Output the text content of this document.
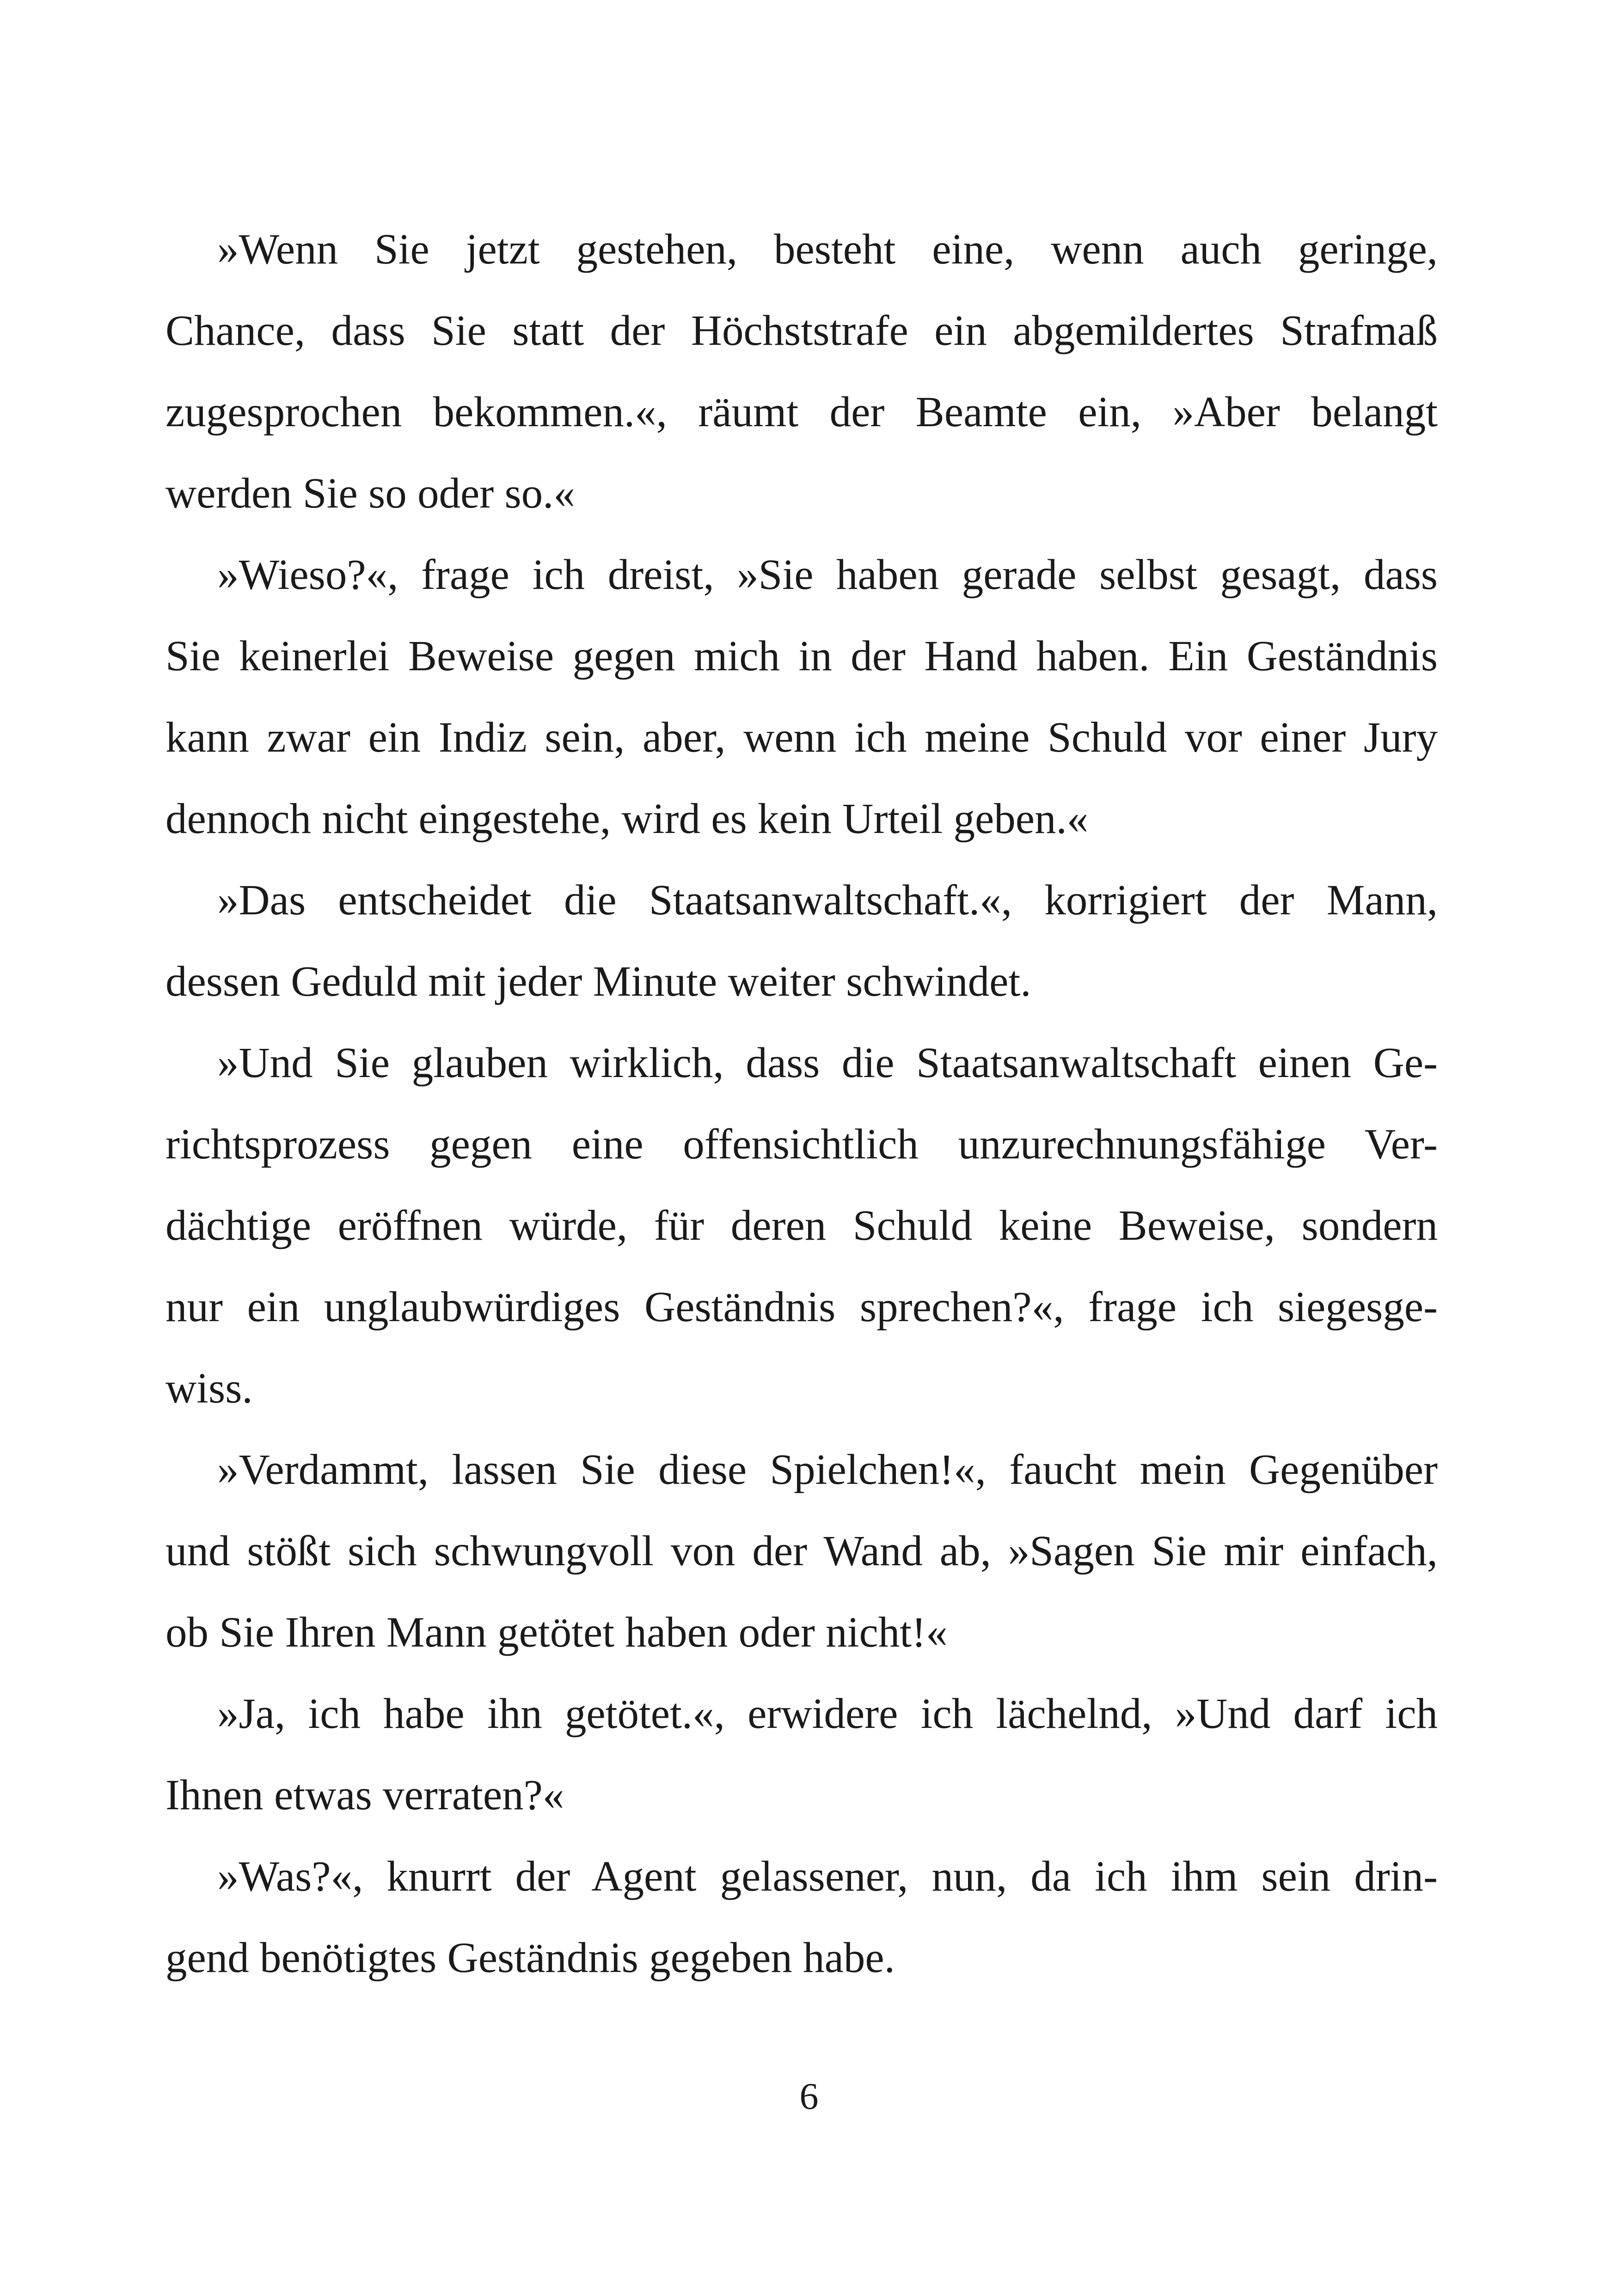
»Wenn Sie jetzt gestehen, besteht eine, wenn auch geringe,
Chance, dass Sie statt der Höchststrafe ein abgemildertes Strafmaß
zugesprochen bekommen.«, räumt der Beamte ein, »Aber belangt
werden Sie so oder so.«
»Wieso?«, frage ich dreist, »Sie haben gerade selbst gesagt, dass
Sie keinerlei Beweise gegen mich in der Hand haben. Ein Geständnis
kann zwar ein Indiz sein, aber, wenn ich meine Schuld vor einer Jury
dennoch nicht eingestehe, wird es kein Urteil geben.«
»Das entscheidet die Staatsanwaltschaft.«, korrigiert der Mann,
dessen Geduld mit jeder Minute weiter schwindet.
»Und Sie glauben wirklich, dass die Staatsanwaltschaft einen Ge-
richtsprozess gegen eine offensichtlich unzurechnungsfähige Ver-
dächtige eröffnen würde, für deren Schuld keine Beweise, sondern
nur ein unglaubwürdiges Geständnis sprechen?«, frage ich siegesge-
wiss.
»Verdammt, lassen Sie diese Spielchen!«, faucht mein Gegenüber
und stößt sich schwungvoll von der Wand ab, »Sagen Sie mir einfach,
ob Sie Ihren Mann getötet haben oder nicht!«
»Ja, ich habe ihn getötet.«, erwidere ich lächelnd, »Und darf ich
Ihnen etwas verraten?«
»Was?«, knurrt der Agent gelassener, nun, da ich ihm sein drin-
gend benötigtes Geständnis gegeben habe.
6
